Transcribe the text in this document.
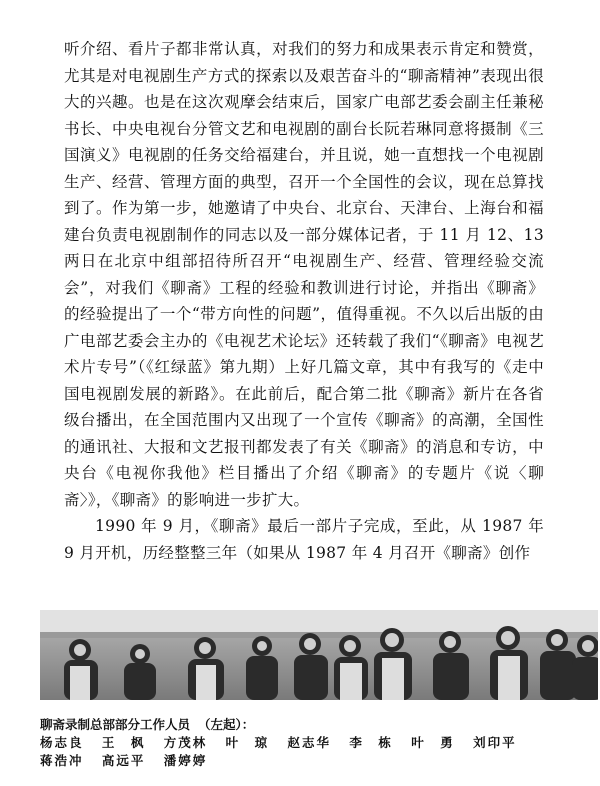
听介绍、看片子都非常认真，对我们的努力和成果表示肯定和赞赏，尤其是对电视剧生产方式的探索以及艰苦奋斗的“聊斋精神”表现出很大的兴趣。也是在这次观摩会结束后，国家广电部艺委会副主任兼秘书长、中央电视台分管文艺和电视剧的副台长阮若琳同意将摄制《三国演义》电视剧的任务交给福建台，并且说，她一直想找一个电视剧生产、经营、管理方面的典型，召开一个全国性的会议，现在总算找到了。作为第一步，她邀请了中央台、北京台、天津台、上海台和福建台负责电视剧制作的同志以及一部分媒体记者，于 11 月 12、13 两日在北京中组部招待所召开“电视剧生产、经营、管理经验交流会”，对我们《聊斋》工程的经验和教训进行讨论，并指出《聊斋》的经验提出了一个“带方向性的问题”，值得重视。不久以后出版的由广电部艺委会主办的《电视艺术论坛》还转载了我们“《聊斋》电视艺术片专号”（《红绿蓝》第九期）上好几篇文章，其中有我写的《走中国电视剧发展的新路》。在此前后，配合第二批《聊斋》新片在各省级台播出，在全国范围内又出现了一个宣传《聊斋》的高潮，全国性的通讯社、大报和文艺报刊都发表了有关《聊斋》的消息和专访，中央台《电视你我他》栏目播出了介绍《聊斋》的专题片《说〈聊斋〉》，《聊斋》的影响进一步扩大。

1990 年 9 月，《聊斋》最后一部片子完成，至此，从 1987 年 9 月开机，历经整整三年（如果从 1987 年 4 月召开《聊斋》创作

聊斋录制总部部分工作人员 （左起）：
杨志良 王　枫 方茂林 叶　琼 赵志华 李　栋 叶　勇 刘印平
蒋浩冲 高远平 潘婷婷
